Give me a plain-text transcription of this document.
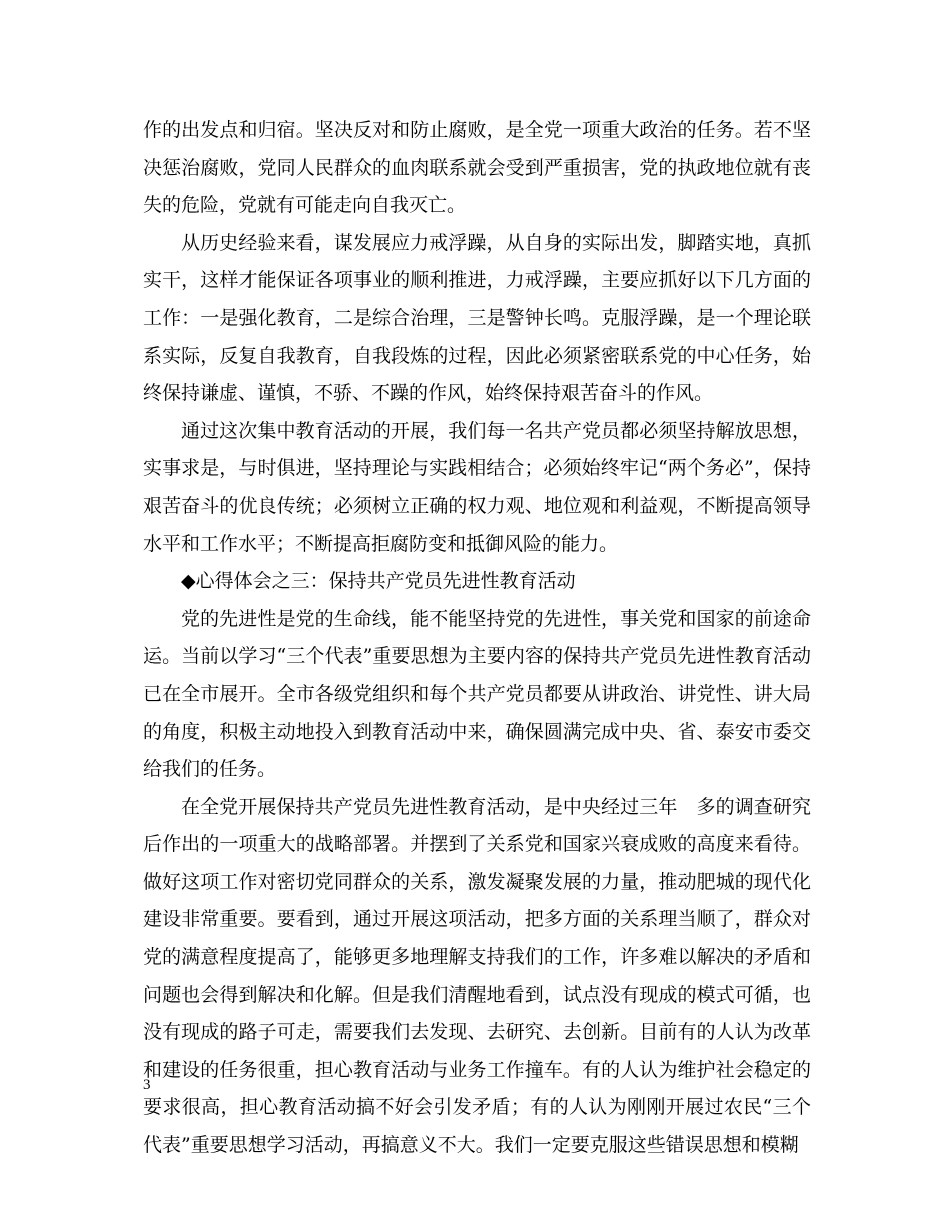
作的出发点和归宿。坚决反对和防止腐败，是全党一项重大政治的任务。若不坚决惩治腐败，党同人民群众的血肉联系就会受到严重损害，党的执政地位就有丧失的危险，党就有可能走向自我灭亡。

从历史经验来看，谋发展应力戒浮躁，从自身的实际出发，脚踏实地，真抓实干，这样才能保证各项事业的顺利推进，力戒浮躁，主要应抓好以下几方面的工作：一是强化教育，二是综合治理，三是警钟长鸣。克服浮躁，是一个理论联系实际，反复自我教育，自我段炼的过程，因此必须紧密联系党的中心任务，始终保持谦虚、谨慎，不骄、不躁的作风，始终保持艰苦奋斗的作风。

通过这次集中教育活动的开展，我们每一名共产党员都必须坚持解放思想，实事求是，与时俱进，坚持理论与实践相结合；必须始终牢记“两个务必”，保持艰苦奋斗的优良传统；必须树立正确的权力观、地位观和利益观，不断提高领导水平和工作水平；不断提高拒腐防变和抵御风险的能力。

◆心得体会之三：保持共产党员先进性教育活动

党的先进性是党的生命线，能不能坚持党的先进性，事关党和国家的前途命运。当前以学习“三个代表”重要思想为主要内容的保持共产党员先进性教育活动已在全市展开。全市各级党组织和每个共产党员都要从讲政治、讲党性、讲大局的角度，积极主动地投入到教育活动中来，确保圆满完成中央、省、泰安市委交给我们的任务。

在全党开展保持共产党员先进性教育活动，是中央经过三年　多的调查研究后作出的一项重大的战略部署。并摆到了关系党和国家兴衰成败的高度来看待。做好这项工作对密切党同群众的关系，激发凝聚发展的力量，推动肥城的现代化建设非常重要。要看到，通过开展这项活动，把多方面的关系理当顺了，群众对党的满意程度提高了，能够更多地理解支持我们的工作，许多难以解决的矛盾和问题也会得到解决和化解。但是我们清醒地看到，试点没有现成的模式可循，也没有现成的路子可走，需要我们去发现、去研究、去创新。目前有的人认为改革和建设的任务很重，担心教育活动与业务工作撞车。有的人认为维护社会稳定的要求很高，担心教育活动搞不好会引发矛盾；有的人认为刚刚开展过农民“三个代表”重要思想学习活动，再搞意义不大。我们一定要克服这些错误思想和模糊

3
